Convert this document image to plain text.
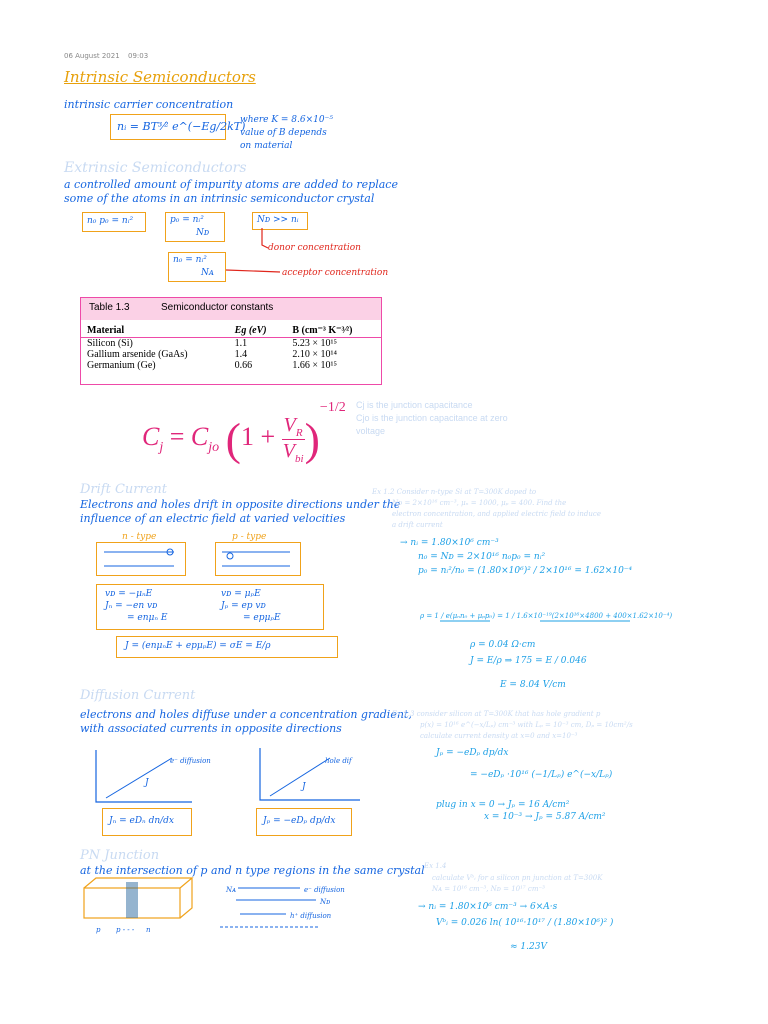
06 August 2021 09:03
Intrinsic Semiconductors
intrinsic carrier concentration
nᵢ = BT³⁄² e^(−Eg/2kT)
where K = 8.6×10⁻⁵
value of B depends
on material
Extrinsic Semiconductors
a controlled amount of impurity atoms are added to replace
some of the atoms in an intrinsic semiconductor crystal
n₀ p₀ = nᵢ²	p₀ = nᵢ²
Nᴅ
Nᴅ >> nᵢ
n₀ = nᵢ²
Nᴀ
donor concentration
acceptor concentration
Table 1.3	Semiconductor constants
Material	Eg (eV)	B (cm⁻³ K⁻³⁄²)
Silicon (Si)	1.1	5.23 × 10¹⁵
Gallium arsenide (GaAs)	1.4	2.10 × 10¹⁴
Germanium (Ge)	0.66	1.66 × 10¹⁵
$C_j = C_{jo}$ $(1 + \frac{V_R}{V_{bi}} )^{-1/2}$ Cj is the junction capacitance
Cjo is the junction capacitance at zero
voltage
Drift Current
Electrons and holes drift in opposite directions under the
influence of an electric field at varied velocities
n - type	p - type
vᴅ = −μₙE
Jₙ = −en vᴅ
= enμₙ E
vᴅ = μₚE
Jₚ = ep vᴅ
= epμₚE
J = (enμₙE + epμₚE) = σE = E/ρ
Ex 1.2 Consider n-type Si at T=300K doped to
Nᴅ = 2×10¹⁶ cm⁻³, μₙ = 1000, μₚ = 400. Find the
electron concentration, and applied electric field to induce
a drift current
→ nᵢ = 1.80×10⁶ cm⁻³
n₀ = Nᴅ = 2×10¹⁶ n₀p₀ = nᵢ²
p₀ = nᵢ²/n₀ = (1.80×10⁶)² / 2×10¹⁶ = 1.62×10⁻⁴
ρ = 1 / e(μₙn₀ + μₚp₀) = 1 / 1.6×10⁻¹⁹(2×10¹⁶×4800 + 400×1.62×10⁻⁴)
ρ = 0.04 Ω·cm
J = E/ρ ⇒ 175 = E / 0.046
E = 8.04 V/cm
Diffusion Current
electrons and holes diffuse under a concentration gradient,
with associated currents in opposite directions
e⁻ diffusion
J
hole dif
J
Jₙ = eDₙ dn/dx	Jₚ = −eDₚ dp/dx
Ex 1.3 consider silicon at T=300K that has hole gradient p
p(x) = 10¹⁶ e^(−x/Lₚ) cm⁻³ with Lₚ = 10⁻³ cm, Dₚ = 10cm²/s
calculate current density at x=0 and x=10⁻³
Jₚ = −eDₚ dp/dx
= −eDₚ ·10¹⁶ (−1/Lₚ) e^(−x/Lₚ)
plug in x = 0 → Jₚ = 16 A/cm²
x = 10⁻³ → Jₚ = 5.87 A/cm²
PN Junction
at the intersection of p and n type regions in the same crystal
Nᴀ	e⁻ diffusion
Nᴅ
h⁺ diffusion
p p - - - n
Ex 1.4
calculate Vᵇᵢ for a silicon pn junction at T=300K
Nᴀ = 10¹⁶ cm⁻³, Nᴅ = 10¹⁷ cm⁻³
→ nᵢ = 1.80×10⁶ cm⁻³ → 6×A·s
Vᵇᵢ = 0.026 ln( 10¹⁶·10¹⁷ / (1.80×10⁶)² )
≈ 1.23V
